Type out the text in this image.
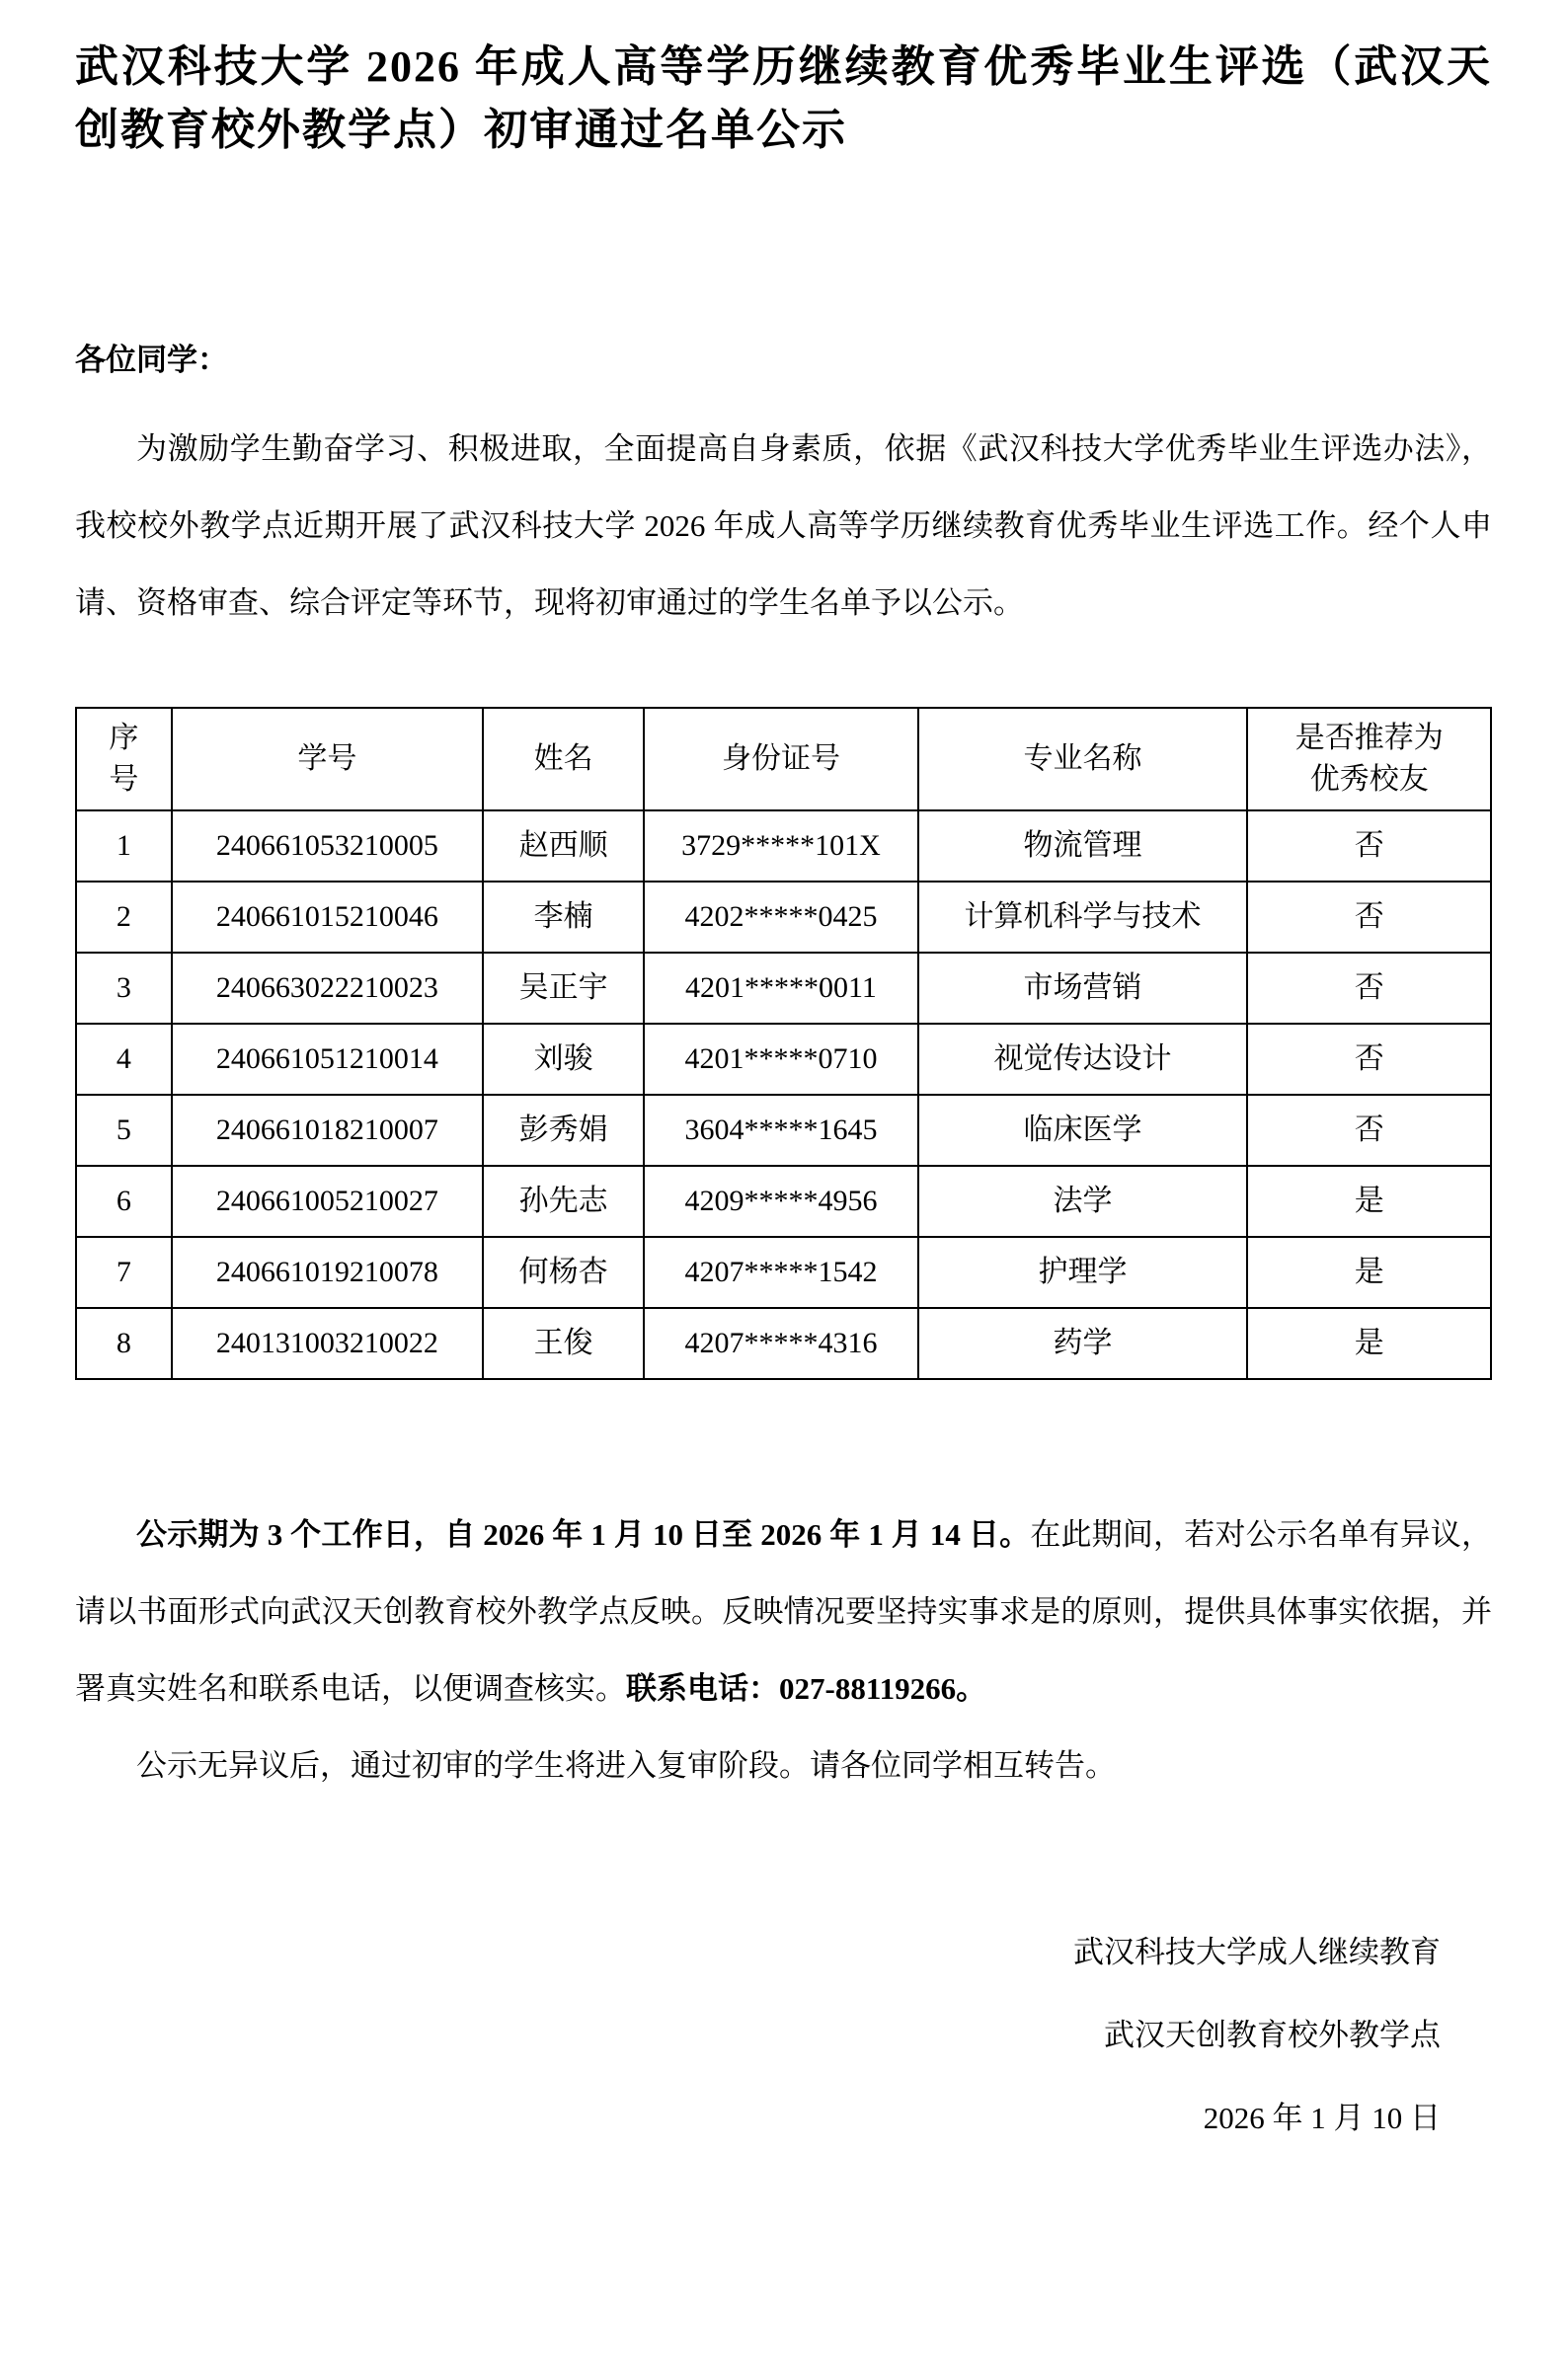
武汉科技大学 2026 年成人高等学历继续教育优秀毕业生评选（武汉天创教育校外教学点）初审通过名单公示

各位同学：

为激励学生勤奋学习、积极进取，全面提高自身素质，依据《武汉科技大学优秀毕业生评选办法》，我校校外教学点近期开展了武汉科技大学 2026 年成人高等学历继续教育优秀毕业生评选工作。经个人申请、资格审查、综合评定等环节，现将初审通过的学生名单予以公示。

序号	学号	姓名	身份证号	专业名称	是否推荐为优秀校友
1	240661053210005	赵西顺	3729*****101X	物流管理	否
2	240661015210046	李楠	4202*****0425	计算机科学与技术	否
3	240663022210023	吴正宇	4201*****0011	市场营销	否
4	240661051210014	刘骏	4201*****0710	视觉传达设计	否
5	240661018210007	彭秀娟	3604*****1645	临床医学	否
6	240661005210027	孙先志	4209*****4956	法学	是
7	240661019210078	何杨杏	4207*****1542	护理学	是
8	240131003210022	王俊	4207*****4316	药学	是

公示期为 3 个工作日，自 2026 年 1 月 10 日至 2026 年 1 月 14 日。在此期间，若对公示名单有异议，请以书面形式向武汉天创教育校外教学点反映。反映情况要坚持实事求是的原则，提供具体事实依据，并署真实姓名和联系电话，以便调查核实。联系电话：027-88119266。

公示无异议后，通过初审的学生将进入复审阶段。请各位同学相互转告。

武汉科技大学成人继续教育

武汉天创教育校外教学点

2026 年 1 月 10 日
